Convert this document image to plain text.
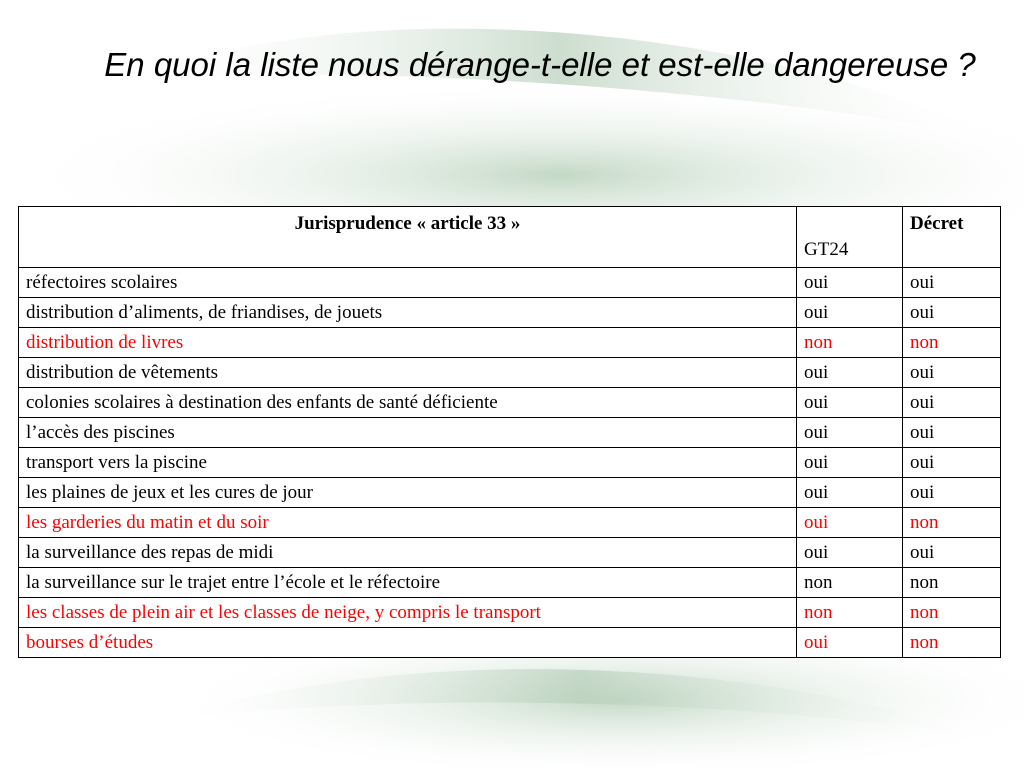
En quoi la liste nous dérange-t-elle et est-elle dangereuse ?
Jurisprudence « article 33 »	GT24	Décret
réfectoires scolaires	oui	oui
distribution d’aliments, de friandises, de jouets	oui	oui
distribution de livres	non	non
distribution de vêtements	oui	oui
colonies scolaires à destination des enfants de santé déficiente	oui	oui
l’accès des piscines	oui	oui
transport vers la piscine	oui	oui
les plaines de jeux et les cures de jour	oui	oui
les garderies du matin et du soir	oui	non
la surveillance des repas de midi	oui	oui
la surveillance sur le trajet entre l’école et le réfectoire	non	non
les classes de plein air et les classes de neige, y compris le transport	non	non
bourses d’études	oui	non
